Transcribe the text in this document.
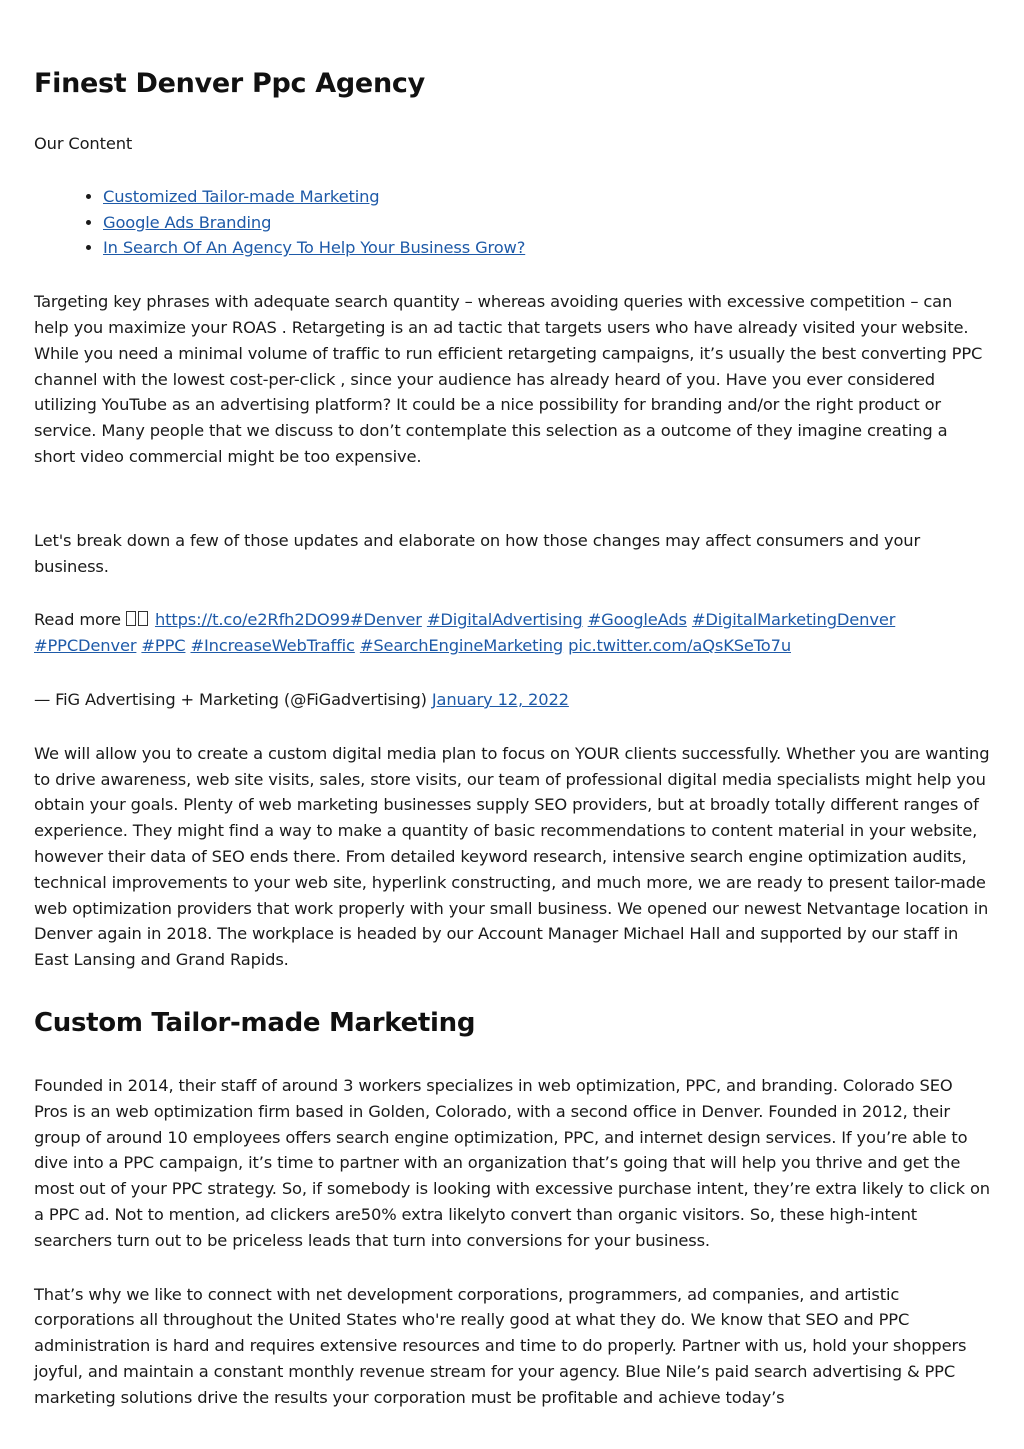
Finest Denver Ppc Agency

Our Content

• Customized Tailor-made Marketing
• Google Ads Branding
• In Search Of An Agency To Help Your Business Grow?

Targeting key phrases with adequate search quantity – whereas avoiding queries with excessive competition – can help you maximize your ROAS . Retargeting is an ad tactic that targets users who have already visited your website. While you need a minimal volume of traffic to run efficient retargeting campaigns, it’s usually the best converting PPC channel with the lowest cost-per-click , since your audience has already heard of you. Have you ever considered utilizing YouTube as an advertising platform? It could be a nice possibility for branding and/or the right product or service. Many people that we discuss to don’t contemplate this selection as a outcome of they imagine creating a short video commercial might be too expensive.

Let's break down a few of those updates and elaborate on how those changes may affect consumers and your business.

Read more https://t.co/e2Rfh2DO99#Denver #DigitalAdvertising #GoogleAds #DigitalMarketingDenver #PPCDenver #PPC #IncreaseWebTraffic #SearchEngineMarketing pic.twitter.com/aQsKSeTo7u

— FiG Advertising + Marketing (@FiGadvertising) January 12, 2022

We will allow you to create a custom digital media plan to focus on YOUR clients successfully. Whether you are wanting to drive awareness, web site visits, sales, store visits, our team of professional digital media specialists might help you obtain your goals. Plenty of web marketing businesses supply SEO providers, but at broadly totally different ranges of experience. They might find a way to make a quantity of basic recommendations to content material in your website, however their data of SEO ends there. From detailed keyword research, intensive search engine optimization audits, technical improvements to your web site, hyperlink constructing, and much more, we are ready to present tailor-made web optimization providers that work properly with your small business. We opened our newest Netvantage location in Denver again in 2018. The workplace is headed by our Account Manager Michael Hall and supported by our staff in East Lansing and Grand Rapids.

Custom Tailor-made Marketing

Founded in 2014, their staff of around 3 workers specializes in web optimization, PPC, and branding. Colorado SEO Pros is an web optimization firm based in Golden, Colorado, with a second office in Denver. Founded in 2012, their group of around 10 employees offers search engine optimization, PPC, and internet design services. If you’re able to dive into a PPC campaign, it’s time to partner with an organization that’s going that will help you thrive and get the most out of your PPC strategy. So, if somebody is looking with excessive purchase intent, they’re extra likely to click on a PPC ad. Not to mention, ad clickers are50% extra likelyto convert than organic visitors. So, these high-intent searchers turn out to be priceless leads that turn into conversions for your business.

That’s why we like to connect with net development corporations, programmers, ad companies, and artistic corporations all throughout the United States who're really good at what they do. We know that SEO and PPC administration is hard and requires extensive resources and time to do properly. Partner with us, hold your shoppers joyful, and maintain a constant monthly revenue stream for your agency. Blue Nile’s paid search advertising & PPC marketing solutions drive the results your corporation must be profitable and achieve today’s
